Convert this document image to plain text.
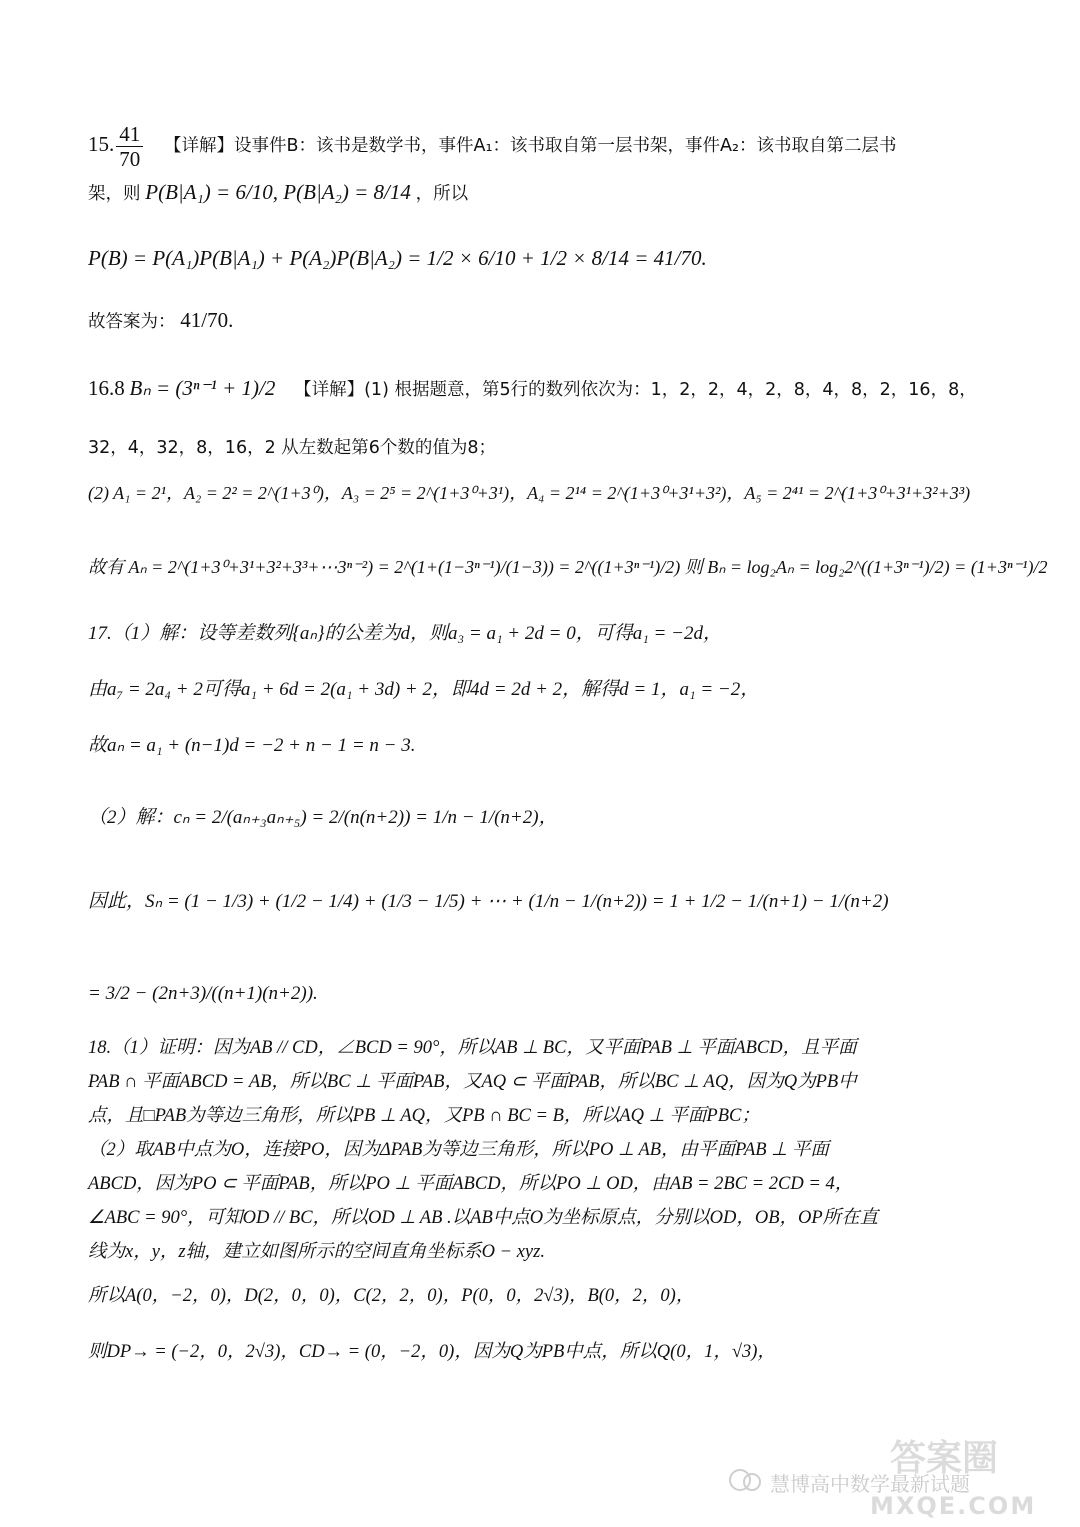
15. $\frac{41}{70}$ 【详解】设事件B：该书是数学书，事件A₁：该书取自第一层书架，事件A₂：该书取自第二层书
架，则 P(B|A₁) = 6/10, P(B|A₂) = 8/14 ，所以
P(B) = P(A₁)P(B|A₁) + P(A₂)P(B|A₂) = 1/2 × 6/10 + 1/2 × 8/14 = 41/70.
故答案为： 41/70.
16.8 Bₙ = (3ⁿ⁻¹ + 1)/2 【详解】(1) 根据题意，第5行的数列依次为：1，2，2，4，2，8，4，8，2，16，8，
32，4，32，8，16，2 从左数起第6个数的值为8；
(2) A₁ = 2¹，A₂ = 2² = 2^(1+3⁰)，A₃ = 2⁵ = 2^(1+3⁰+3¹)，A₄ = 2¹⁴ = 2^(1+3⁰+3¹+3²)，A₅ = 2⁴¹ = 2^(1+3⁰+3¹+3²+3³)
故有 Aₙ = 2^(1+3⁰+3¹+3²+3³+⋯3ⁿ⁻²) = 2^(1+(1−3ⁿ⁻¹)/(1−3)) = 2^((1+3ⁿ⁻¹)/2) 则 Bₙ = log₂Aₙ = log₂2^((1+3ⁿ⁻¹)/2) = (1+3ⁿ⁻¹)/2
17.（1）解：设等差数列{aₙ}的公差为d，则a₃ = a₁ + 2d = 0，可得a₁ = −2d，
由a₇ = 2a₄ + 2可得a₁ + 6d = 2(a₁ + 3d) + 2，即4d = 2d + 2，解得d = 1，a₁ = −2，
故aₙ = a₁ + (n−1)d = −2 + n − 1 = n − 3.
（2）解：cₙ = 2/(aₙ₊₃aₙ₊₅) = 2/(n(n+2)) = 1/n − 1/(n+2)，
因此，Sₙ = (1 − 1/3) + (1/2 − 1/4) + (1/3 − 1/5) + ⋯ + (1/n − 1/(n+2)) = 1 + 1/2 − 1/(n+1) − 1/(n+2)
= 3/2 − (2n+3)/((n+1)(n+2)).
18.（1）证明：因为AB // CD，∠BCD = 90°，所以AB ⊥ BC，又平面PAB ⊥ 平面ABCD，且平面
PAB ∩ 平面ABCD = AB，所以BC ⊥ 平面PAB，又AQ ⊂ 平面PAB，所以BC ⊥ AQ，因为Q为PB中
点，且□PAB为等边三角形，所以PB ⊥ AQ，又PB ∩ BC = B，所以AQ ⊥ 平面PBC；
（2）取AB中点为O，连接PO，因为ΔPAB为等边三角形，所以PO ⊥ AB，由平面PAB ⊥ 平面
ABCD，因为PO ⊂ 平面PAB，所以PO ⊥ 平面ABCD，所以PO ⊥ OD，由AB = 2BC = 2CD = 4，
∠ABC = 90°，可知OD // BC，所以OD ⊥ AB .以AB中点O为坐标原点，分别以OD，OB，OP所在直
线为x，y，z轴，建立如图所示的空间直角坐标系O − xyz.
所以A(0，−2，0)，D(2，0，0)，C(2，2，0)，P(0，0，2√3)，B(0，2，0)，
则DP→ = (−2，0，2√3)，CD→ = (0，−2，0)，因为Q为PB中点，所以Q(0，1，√3)，
慧博高中数学最新试题
答案圈
MXQE.COM
